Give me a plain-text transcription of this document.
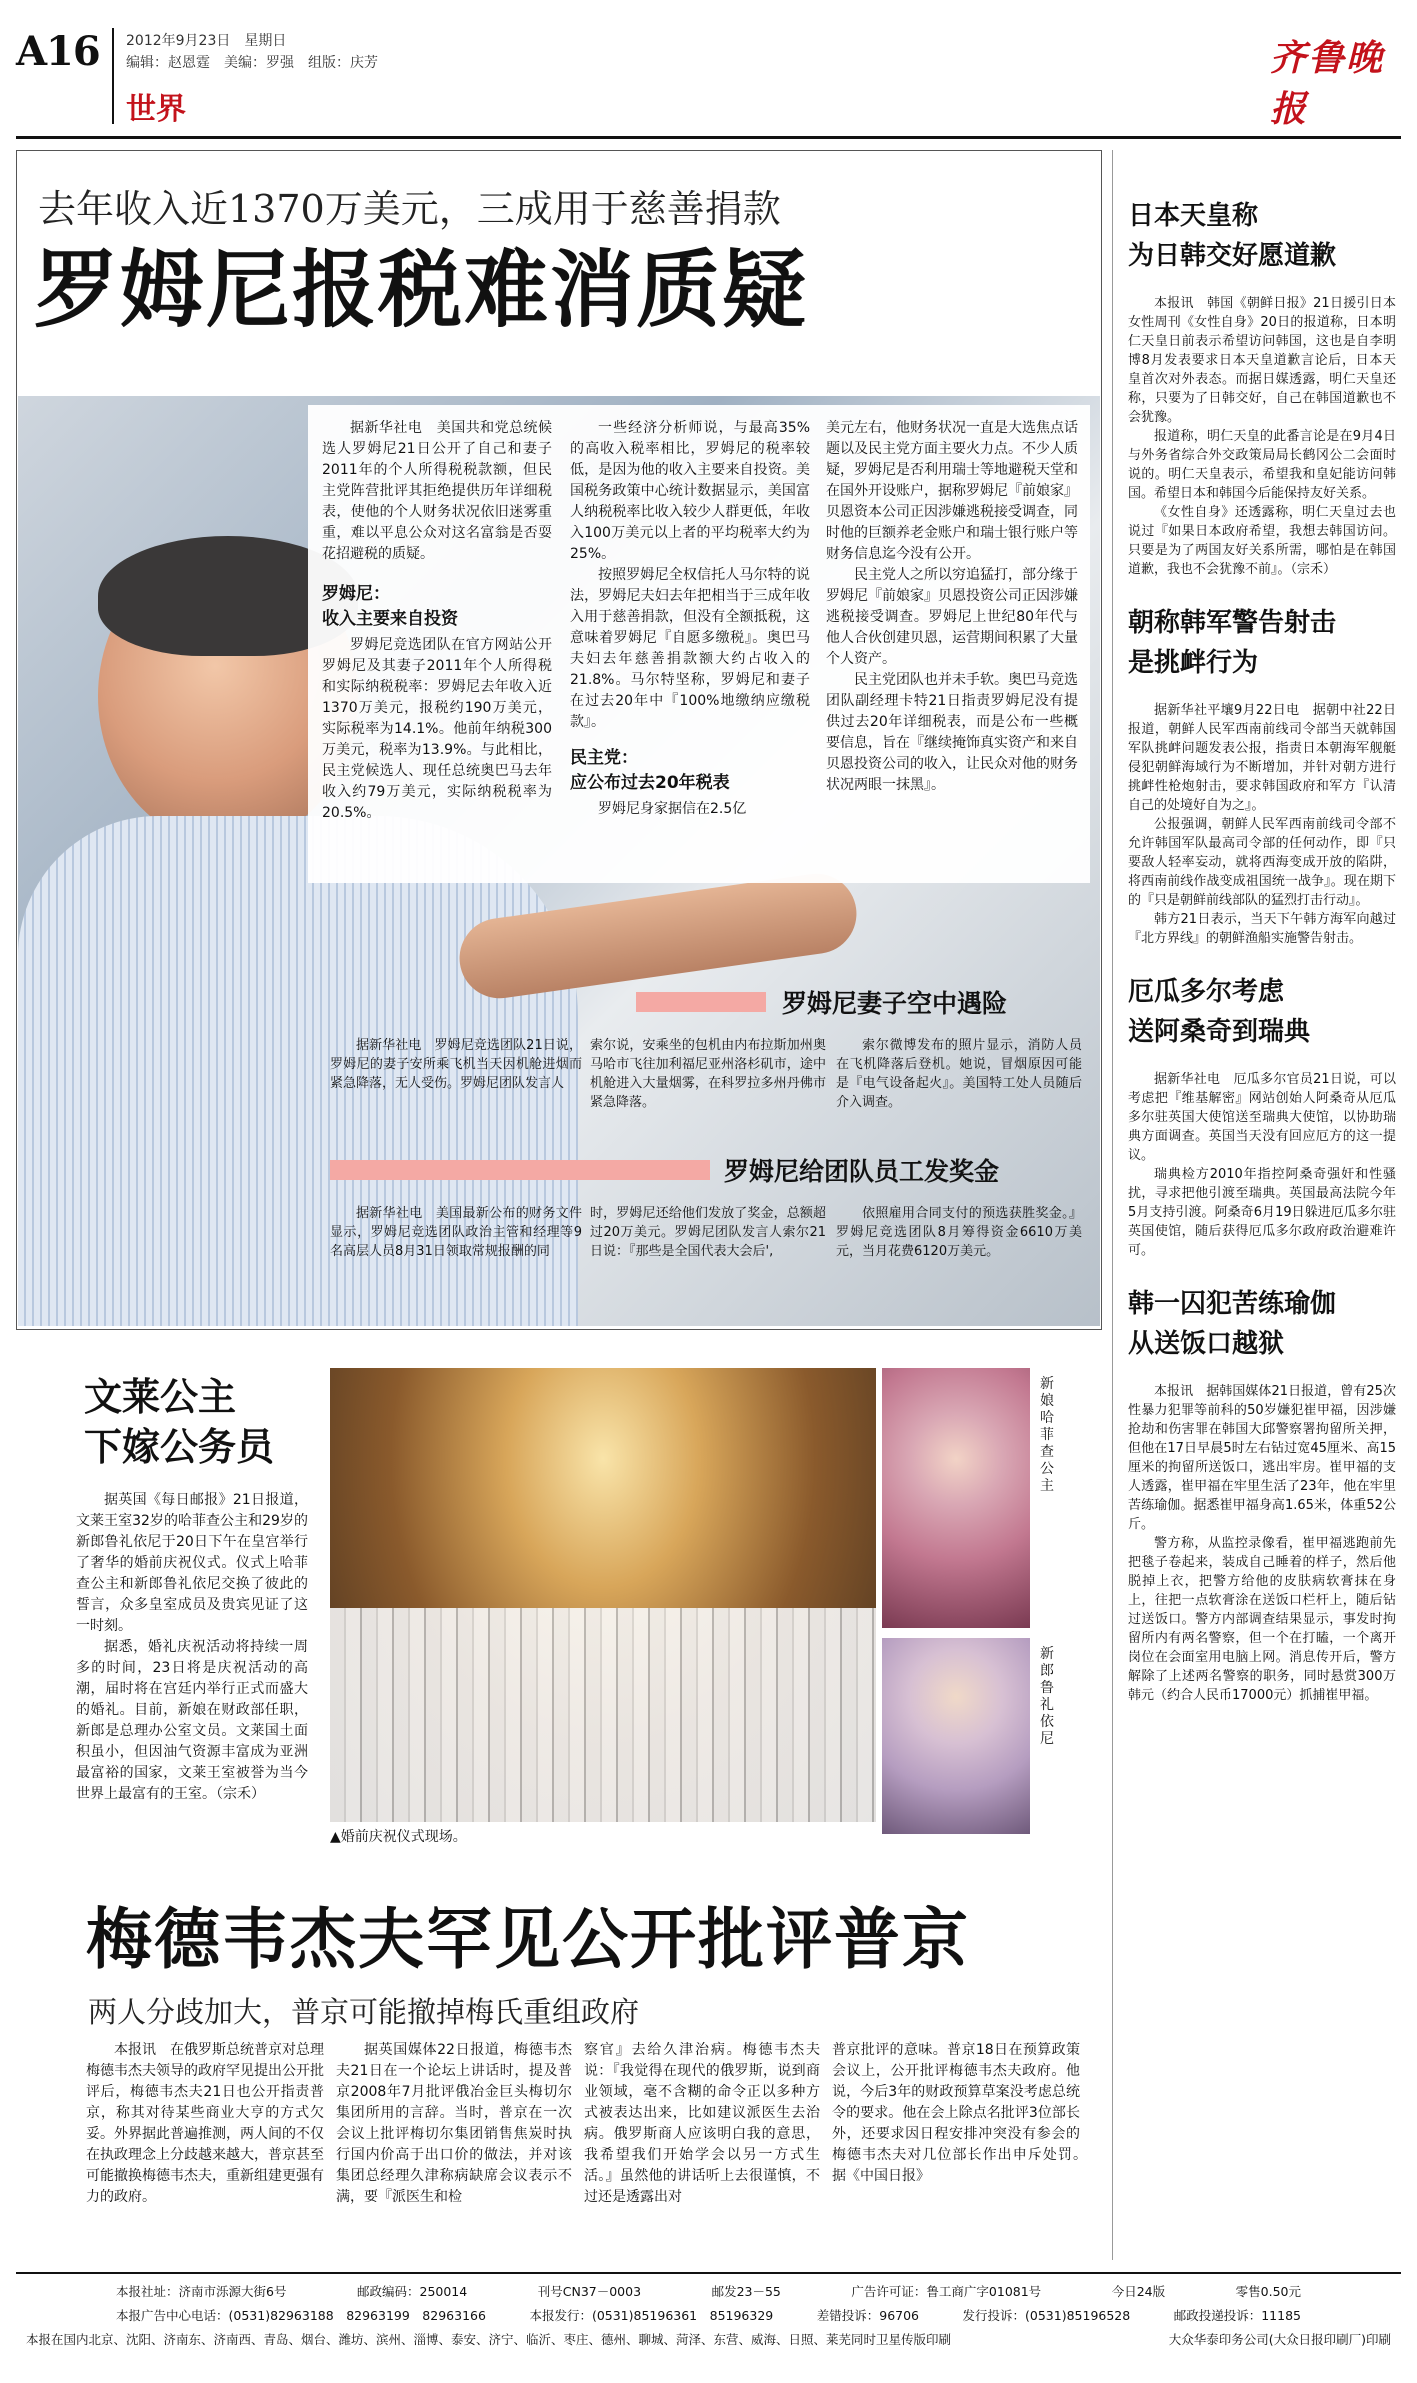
A16 2012年9月23日　星期日
编辑：赵恩霆　美编：罗强　组版：庆芳
世界
齐鲁晚报
去年收入近1370万美元，三成用于慈善捐款
罗姆尼报税难消质疑

据新华社电　美国共和党总统候选人罗姆尼21日公开了自己和妻子2011年的个人所得税税款额，但民主党阵营批评其拒绝提供历年详细税表，使他的个人财务状况依旧迷雾重重，难以平息公众对这名富翁是否耍花招避税的质疑。

罗姆尼：
收入主要来自投资

罗姆尼竞选团队在官方网站公开罗姆尼及其妻子2011年个人所得税和实际纳税税率：罗姆尼去年收入近1370万美元，报税约190万美元，实际税率为14.1%。他前年纳税300万美元，税率为13.9%。与此相比，民主党候选人、现任总统奥巴马去年收入约79万美元，实际纳税税率为20.5%。

一些经济分析师说，与最高35%的高收入税率相比，罗姆尼的税率较低，是因为他的收入主要来自投资。美国税务政策中心统计数据显示，美国富人纳税税率比收入较少人群更低，年收入100万美元以上者的平均税率大约为25%。

按照罗姆尼全权信托人马尔特的说法，罗姆尼夫妇去年把相当于三成年收入用于慈善捐款，但没有全额抵税，这意味着罗姆尼『自愿多缴税』。奥巴马夫妇去年慈善捐款额大约占收入的21.8%。马尔特坚称，罗姆尼和妻子在过去20年中『100%地缴纳应缴税款』。

民主党：
应公布过去20年税表

罗姆尼身家据信在2.5亿

美元左右，他财务状况一直是大选焦点话题以及民主党方面主要火力点。不少人质疑，罗姆尼是否利用瑞士等地避税天堂和在国外开设账户，据称罗姆尼『前娘家』贝恩资本公司正因涉嫌逃税接受调查，同时他的巨额养老金账户和瑞士银行账户等财务信息迄今没有公开。

民主党人之所以穷追猛打，部分缘于罗姆尼『前娘家』贝恩投资公司正因涉嫌逃税接受调查。罗姆尼上世纪80年代与他人合伙创建贝恩，运营期间积累了大量个人资产。

民主党团队也并未手软。奥巴马竞选团队副经理卡特21日指责罗姆尼没有提供过去20年详细税表，而是公布一些概要信息，旨在『继续掩饰真实资产和来自贝恩投资公司的收入，让民众对他的财务状况两眼一抹黑』。

罗姆尼妻子空中遇险

据新华社电　罗姆尼竞选团队21日说，罗姆尼的妻子安所乘飞机当天因机舱进烟而紧急降落，无人受伤。罗姆尼团队发言人

索尔说，安乘坐的包机由内布拉斯加州奥马哈市飞往加利福尼亚州洛杉矶市，途中机舱进入大量烟雾，在科罗拉多州丹佛市紧急降落。

索尔微博发布的照片显示，消防人员在飞机降落后登机。她说，冒烟原因可能是『电气设备起火』。美国特工处人员随后介入调查。

罗姆尼给团队员工发奖金

据新华社电　美国最新公布的财务文件显示，罗姆尼竞选团队政治主管和经理等9名高层人员8月31日领取常规报酬的同

时，罗姆尼还给他们发放了奖金，总额超过20万美元。罗姆尼团队发言人索尔21日说：『那些是全国代表大会后',

依照雇用合同支付的预选获胜奖金。』罗姆尼竞选团队8月筹得资金6610万美元，当月花费6120万美元。

文莱公主
下嫁公务员

据英国《每日邮报》21日报道，文莱王室32岁的哈菲查公主和29岁的新郎鲁礼依尼于20日下午在皇宫举行了奢华的婚前庆祝仪式。仪式上哈菲查公主和新郎鲁礼依尼交换了彼此的誓言，众多皇室成员及贵宾见证了这一时刻。

据悉，婚礼庆祝活动将持续一周多的时间，23日将是庆祝活动的高潮，届时将在宫廷内举行正式而盛大的婚礼。目前，新娘在财政部任职，新郎是总理办公室文员。文莱国土面积虽小，但因油气资源丰富成为亚洲最富裕的国家，文莱王室被誉为当今世界上最富有的王室。（宗禾）

▲婚前庆祝仪式现场。
新娘哈菲查公主
新郎鲁礼依尼
梅德韦杰夫罕见公开批评普京
两人分歧加大，普京可能撤掉梅氏重组政府

本报讯　在俄罗斯总统普京对总理梅德韦杰夫领导的政府罕见提出公开批评后，梅德韦杰夫21日也公开指责普京，称其对待某些商业大亨的方式欠妥。外界据此普遍推测，两人间的不仅在执政理念上分歧越来越大，普京甚至可能撤换梅德韦杰夫，重新组建更强有力的政府。

据英国媒体22日报道，梅德韦杰夫21日在一个论坛上讲话时，提及普京2008年7月批评俄冶金巨头梅切尔集团所用的言辞。当时，普京在一次会议上批评梅切尔集团销售焦炭时执行国内价高于出口价的做法，并对该集团总经理久津称病缺席会议表示不满，要『派医生和检

察官』去给久津治病。梅德韦杰夫说：『我觉得在现代的俄罗斯，说到商业领域，毫不含糊的命令正以多种方式被表达出来，比如建议派医生去治病。俄罗斯商人应该明白我的意思，我希望我们开始学会以另一方式生活。』虽然他的讲话听上去很谨慎，不过还是透露出对

普京批评的意味。普京18日在预算政策会议上，公开批评梅德韦杰夫政府。他说，今后3年的财政预算草案没考虑总统令的要求。他在会上除点名批评3位部长外，还要求因日程安排冲突没有参会的梅德韦杰夫对几位部长作出申斥处罚。　据《中国日报》

日本天皇称
为日韩交好愿道歉

本报讯　韩国《朝鲜日报》21日援引日本女性周刊《女性自身》20日的报道称，日本明仁天皇日前表示希望访问韩国，这也是自李明博8月发表要求日本天皇道歉言论后，日本天皇首次对外表态。而据日媒透露，明仁天皇还称，只要为了日韩交好，自己在韩国道歉也不会犹豫。

报道称，明仁天皇的此番言论是在9月4日与外务省综合外交政策局局长鹤冈公二会面时说的。明仁天皇表示，希望我和皇妃能访问韩国。希望日本和韩国今后能保持友好关系。

《女性自身》还透露称，明仁天皇过去也说过『如果日本政府希望，我想去韩国访问。只要是为了两国友好关系所需，哪怕是在韩国道歉，我也不会犹豫不前』。（宗禾）

朝称韩军警告射击
是挑衅行为

据新华社平壤9月22日电　据朝中社22日报道，朝鲜人民军西南前线司令部当天就韩国军队挑衅问题发表公报，指责日本朝海军舰艇侵犯朝鲜海域行为不断增加，并针对朝方进行挑衅性枪炮射击，要求韩国政府和军方『认清自己的处境好自为之』。

公报强调，朝鲜人民军西南前线司令部不允许韩国军队最高司令部的任何动作，即『只要敌人轻率妄动，就将西海变成开放的陷阱，将西南前线作战变成祖国统一战争』。现在期下的『只是朝鲜前线部队的猛烈打击行动』。

韩方21日表示，当天下午韩方海军向越过『北方界线』的朝鲜渔船实施警告射击。

厄瓜多尔考虑
送阿桑奇到瑞典

据新华社电　厄瓜多尔官员21日说，可以考虑把『维基解密』网站创始人阿桑奇从厄瓜多尔驻英国大使馆送至瑞典大使馆，以协助瑞典方面调查。英国当天没有回应厄方的这一提议。

瑞典检方2010年指控阿桑奇强奸和性骚扰，寻求把他引渡至瑞典。英国最高法院今年5月支持引渡。阿桑奇6月19日躲进厄瓜多尔驻英国使馆，随后获得厄瓜多尔政府政治避难许可。

韩一囚犯苦练瑜伽
从送饭口越狱

本报讯　据韩国媒体21日报道，曾有25次性暴力犯罪等前科的50岁嫌犯崔甲福，因涉嫌抢劫和伤害罪在韩国大邱警察署拘留所关押，但他在17日早晨5时左右钻过宽45厘米、高15厘米的拘留所送饭口，逃出牢房。崔甲福的支人透露，崔甲福在牢里生活了23年，他在牢里苦练瑜伽。据悉崔甲福身高1.65米，体重52公斤。

警方称，从监控录像看，崔甲福逃跑前先把毯子卷起来，装成自己睡着的样子，然后他脱掉上衣，把警方给他的皮肤病软膏抹在身上，往把一点软膏涂在送饭口栏杆上，随后钻过送饭口。警方内部调查结果显示，事发时拘留所内有两名警察，但一个在打瞌，一个离开岗位在会面室用电脑上网。消息传开后，警方解除了上述两名警察的职务，同时悬赏300万韩元（约合人民币17000元）抓捕崔甲福。

本报社址：济南市泺源大街6号	邮政编码：250014	刊号CN37－0003	邮发23－55	广告许可证：鲁工商广字01081号	今日24版	零售0.50元
本报广告中心电话：(0531)82963188　82963199　82963166	本报发行：(0531)85196361　85196329	差错投诉：96706	发行投诉：(0531)85196528	邮政投递投诉：11185
本报在国内北京、沈阳、济南东、济南西、青岛、烟台、潍坊、滨州、淄博、泰安、济宁、临沂、枣庄、德州、聊城、菏泽、东营、威海、日照、莱芜同时卫星传版印刷	大众华泰印务公司(大众日报印刷厂)印刷
